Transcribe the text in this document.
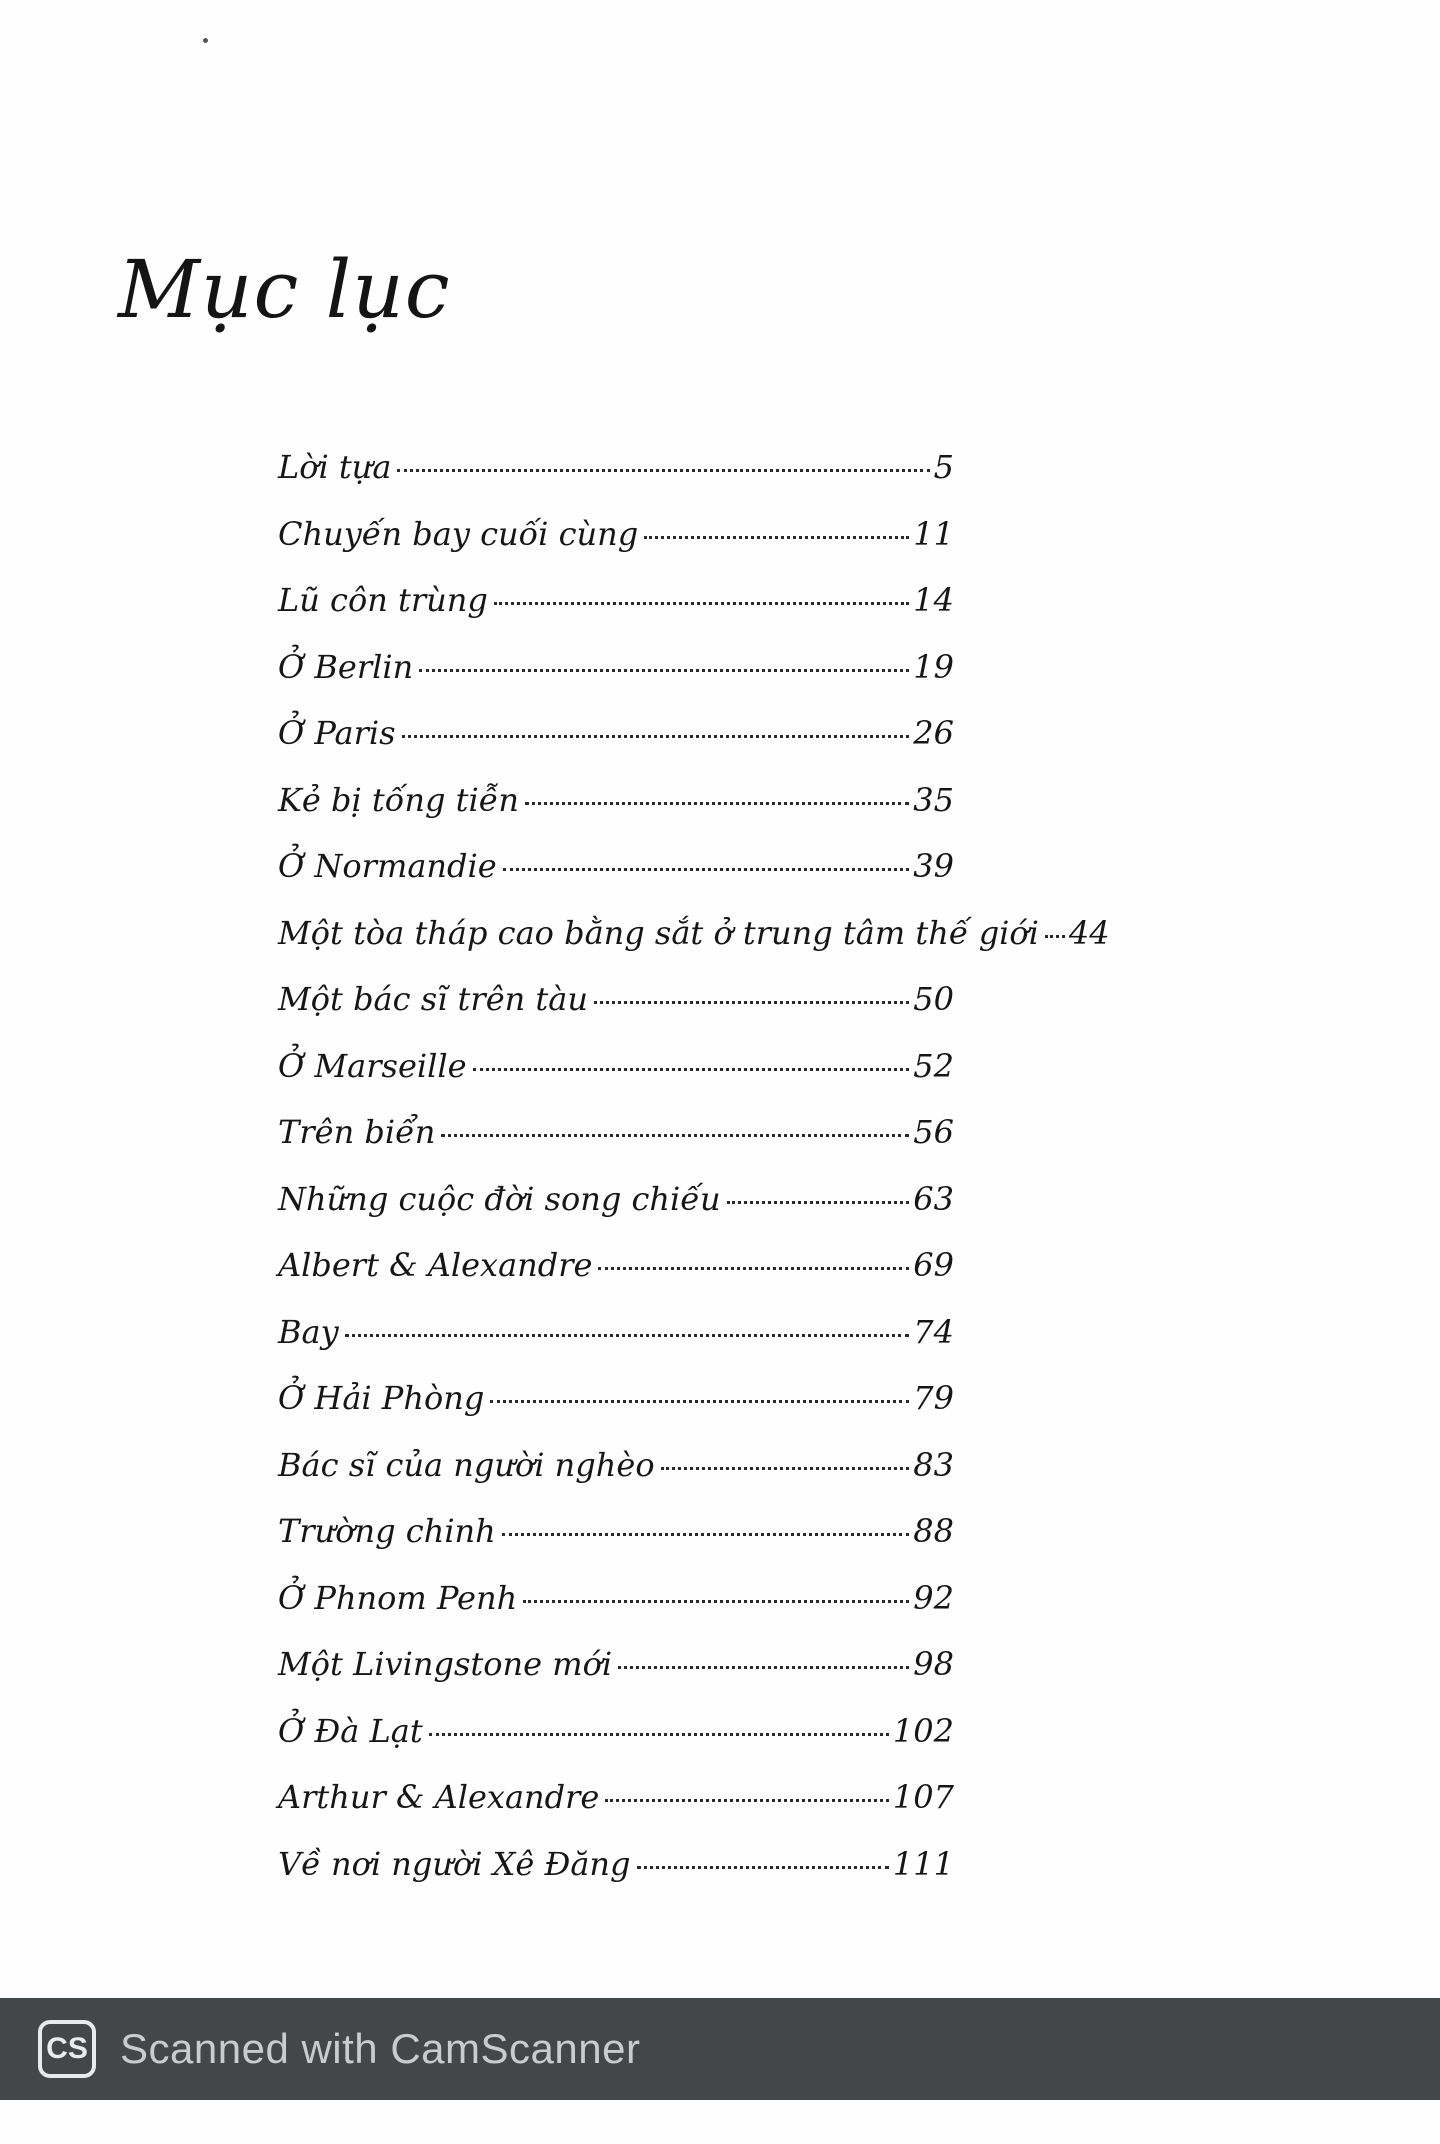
Mục lục
Lời tựa	5
Chuyến bay cuối cùng	11
Lũ côn trùng	14
Ở Berlin	19
Ở Paris	26
Kẻ bị tống tiễn	35
Ở Normandie	39
Một tòa tháp cao bằng sắt ở trung tâm thế giới 44
Một bác sĩ trên tàu	50
Ở Marseille	52
Trên biển	56
Những cuộc đời song chiếu	63
Albert & Alexandre	69
Bay	74
Ở Hải Phòng	79
Bác sĩ của người nghèo	83
Trường chinh	88
Ở Phnom Penh	92
Một Livingstone mới	98
Ở Đà Lạt	102
Arthur & Alexandre	107
Về nơi người Xê Đăng	111
CS Scanned with CamScanner
